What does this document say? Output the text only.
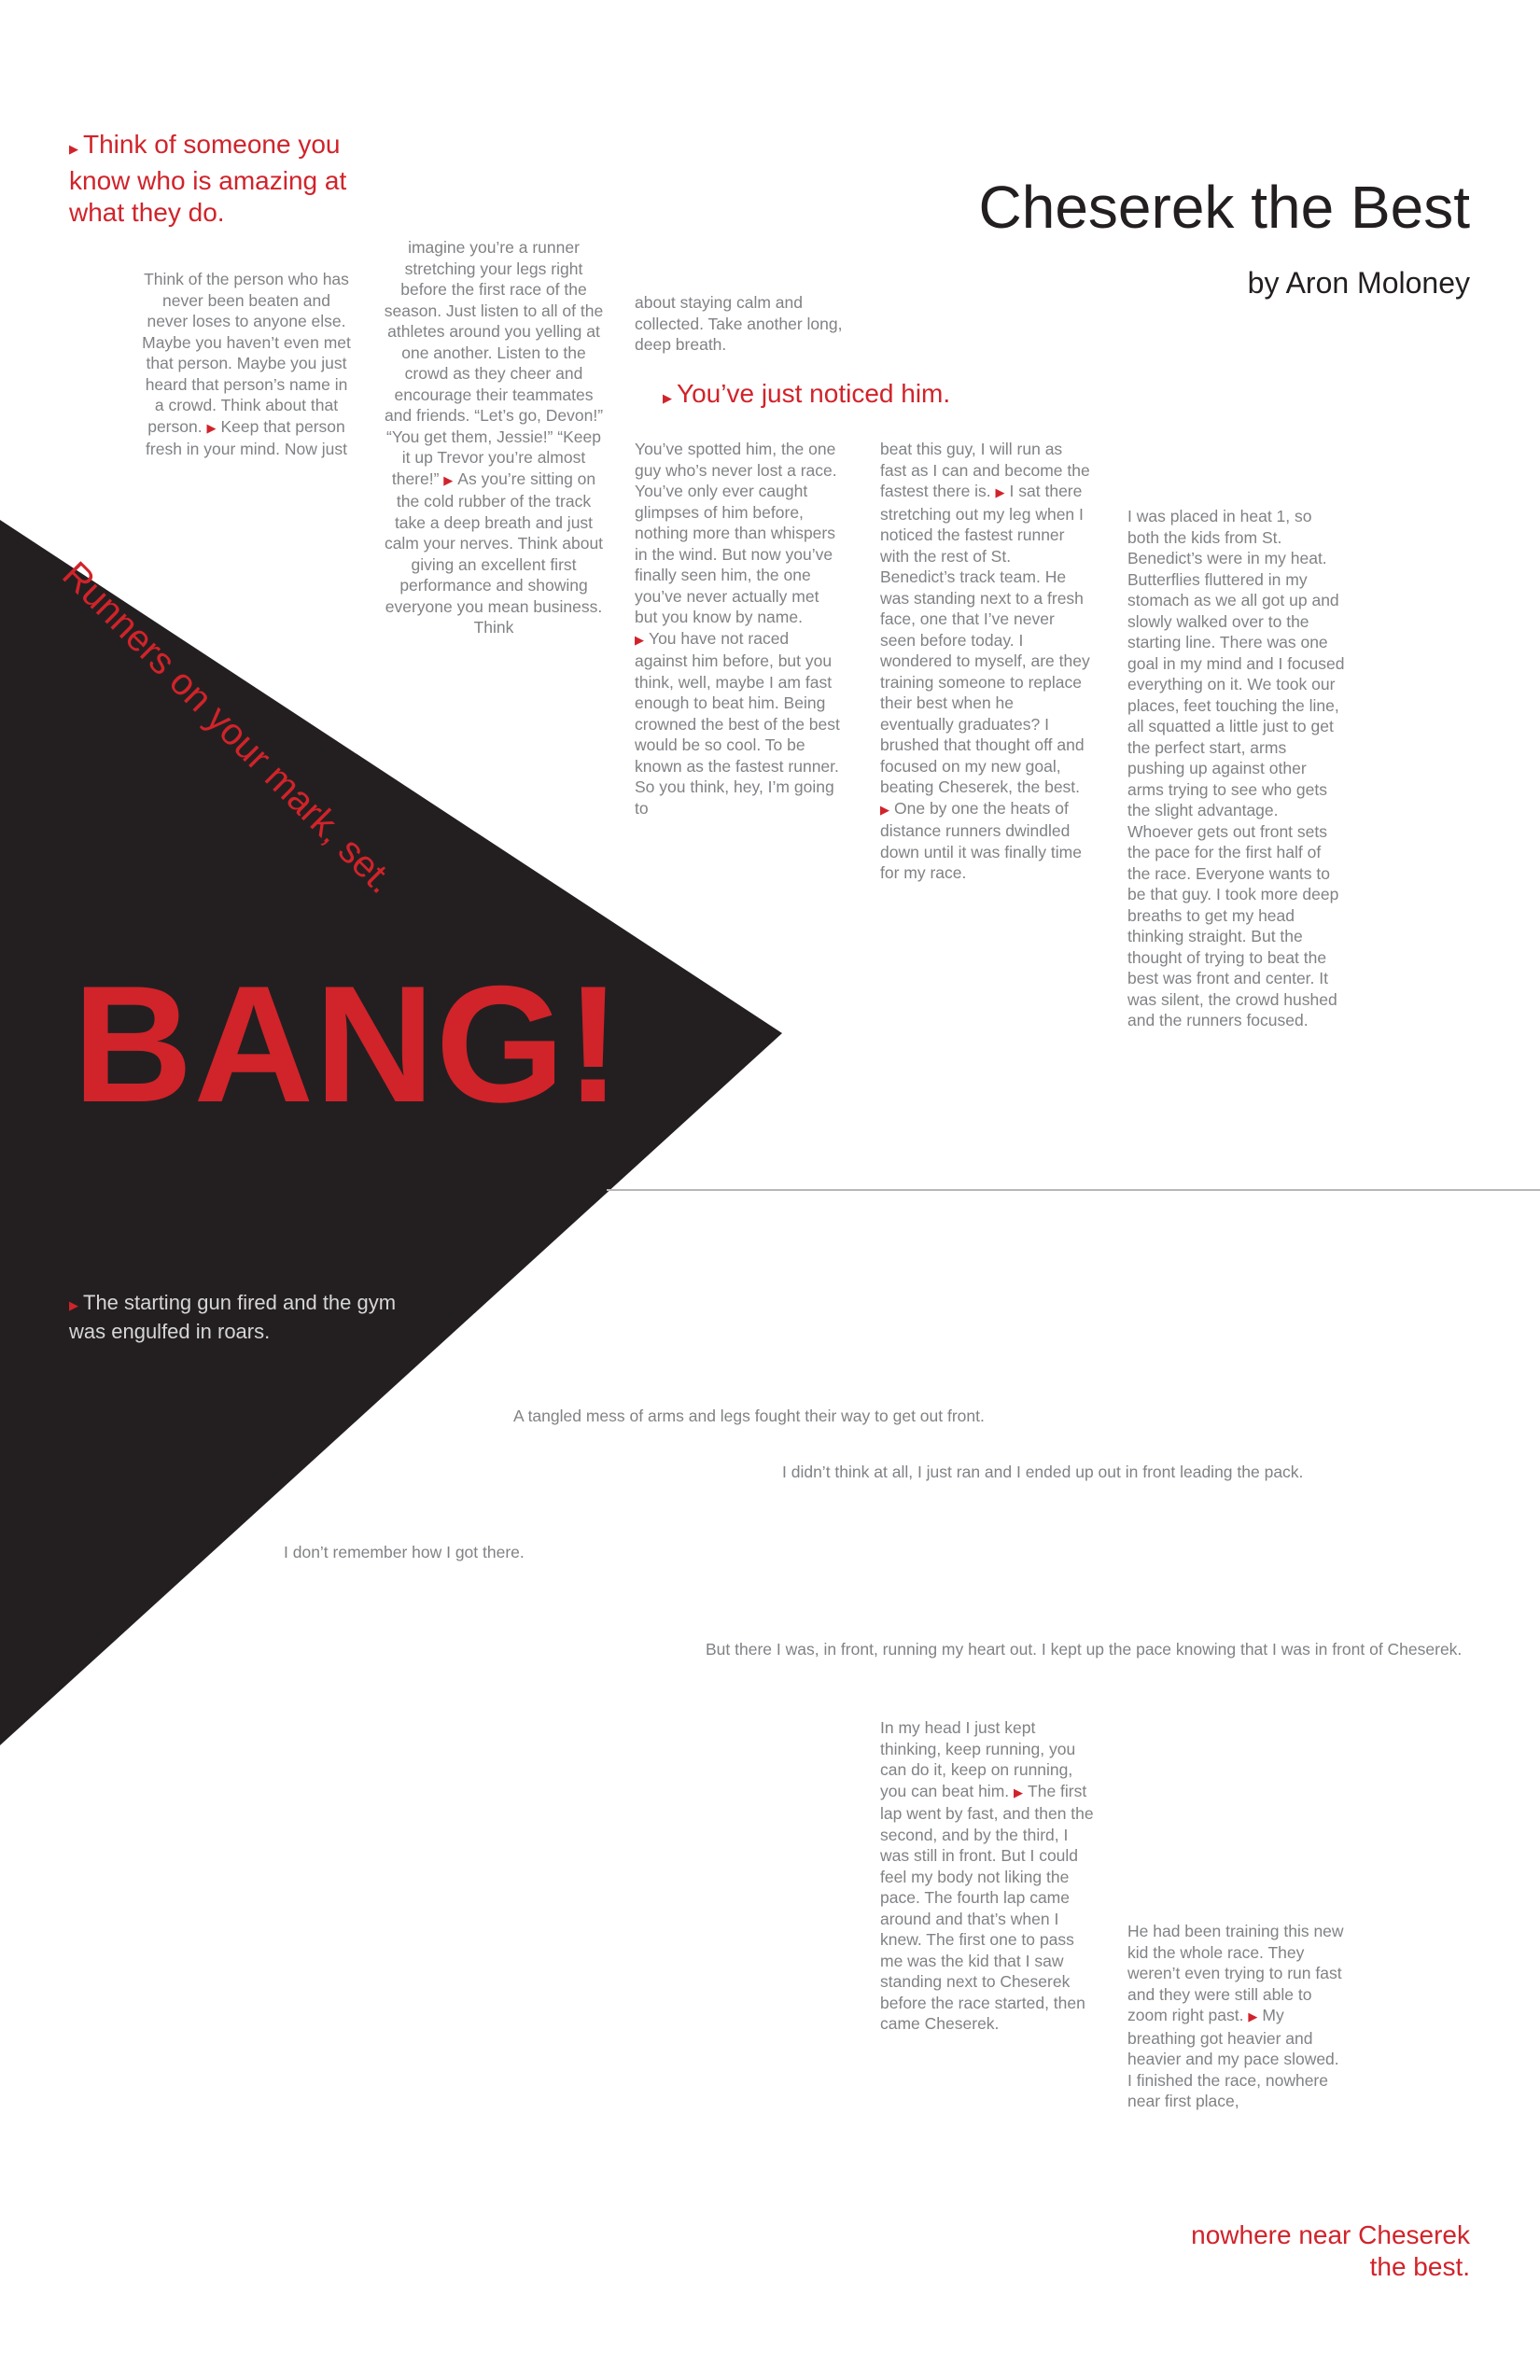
Cheserek the Best
by Aron Moloney
▶ Think of someone you know who is amazing at what they do.
Think of the person who has never been beaten and never loses to anyone else. Maybe you haven’t even met that person. Maybe you just heard that person’s name in a crowd. Think about that person. ▶ Keep that person fresh in your mind. Now just
imagine you’re a runner stretching your legs right before the first race of the season. Just listen to all of the athletes around you yelling at one another. Listen to the crowd as they cheer and encourage their teammates and friends. “Let’s go, Devon!” “You get them, Jessie!” “Keep it up Trevor you’re almost there!” ▶ As you’re sitting on the cold rubber of the track take a deep breath and just calm your nerves. Think about giving an excellent first performance and showing everyone you mean business. Think
about staying calm and collected. Take another long, deep breath.
▶ You’ve just noticed him.
You’ve spotted him, the one guy who’s never lost a race. You’ve only ever caught glimpses of him before, nothing more than whispers in the wind. But now you’ve finally seen him, the one you’ve never actually met but you know by name. ▶ You have not raced against him before, but you think, well, maybe I am fast enough to beat him. Being crowned the best of the best would be so cool. To be known as the fastest runner. So you think, hey, I’m going to
beat this guy, I will run as fast as I can and become the fastest there is. ▶ I sat there stretching out my leg when I noticed the fastest runner with the rest of St. Benedict’s track team. He was standing next to a fresh face, one that I’ve never seen before today. I wondered to myself, are they training someone to replace their best when he eventually graduates? I brushed that thought off and focused on my new goal, beating Cheserek, the best. ▶ One by one the heats of distance runners dwindled down until it was finally time for my race.
I was placed in heat 1, so both the kids from St. Benedict’s were in my heat. Butterflies fluttered in my stomach as we all got up and slowly walked over to the starting line. There was one goal in my mind and I focused everything on it. We took our places, feet touching the line, all squatted a little just to get the perfect start, arms pushing up against other arms trying to see who gets the slight advantage. Whoever gets out front sets the pace for the first half of the race. Everyone wants to be that guy. I took more deep breaths to get my head thinking straight. But the thought of trying to beat the best was front and center. It was silent, the crowd hushed and the runners focused.
Runners on your mark, set.
BANG!
▶ The starting gun fired and the gym was engulfed in roars.
A tangled mess of arms and legs fought their way to get out front.
I didn’t think at all, I just ran and I ended up out in front leading the pack.
I don’t remember how I got there.
But there I was, in front, running my heart out. I kept up the pace knowing that I was in front of Cheserek.
In my head I just kept thinking, keep running, you can do it, keep on running, you can beat him. ▶ The first lap went by fast, and then the second, and by the third, I was still in front. But I could feel my body not liking the pace. The fourth lap came around and that’s when I knew. The first one to pass me was the kid that I saw standing next to Cheserek before the race started, then came Cheserek.
He had been training this new kid the whole race. They weren’t even trying to run fast and they were still able to zoom right past. ▶ My breathing got heavier and heavier and my pace slowed. I finished the race, nowhere near first place,
nowhere near Cheserek the best.
